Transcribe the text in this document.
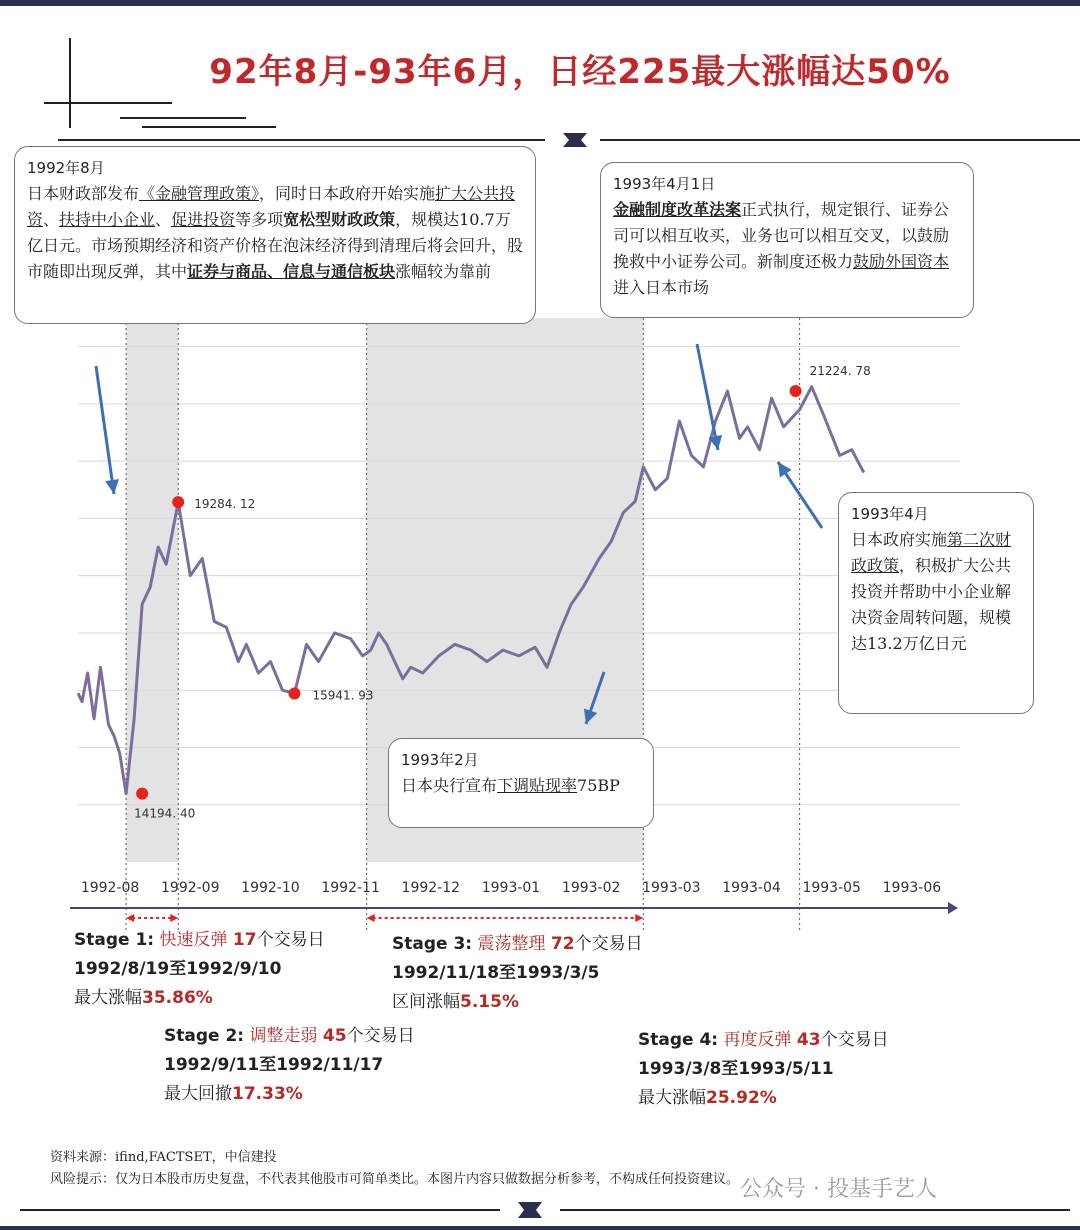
92年8月-93年6月，日经225最大涨幅达50%
1992-08 1992-09 1992-10 1992-11 1992-12 1993-01 1993-02 1993-03 1993-04 1993-05 1993-06
14194. 40
19284. 12
15941. 93
21224. 78
1992年8月
日本财政部发布《金融管理政策》，同时日本政府开始实施扩大公共投资、扶持中小企业、促进投资等多项宽松型财政政策，规模达10.7万亿日元。市场预期经济和资产价格在泡沫经济得到清理后将会回升，股市随即出现反弹，其中证券与商品、信息与通信板块涨幅较为靠前
1993年4月1日
金融制度改革法案正式执行，规定银行、证券公司可以相互收买，业务也可以相互交叉，以鼓励挽救中小证券公司。新制度还极力鼓励外国资本进入日本市场
1993年2月
日本央行宣布下调贴现率75BP
1993年4月
日本政府实施第二次财政政策，积极扩大公共投资并帮助中小企业解决资金周转问题，规模达13.2万亿日元
Stage 1: 快速反弹 17个交易日
1992/8/19至1992/9/10
最大涨幅35.86%
Stage 2: 调整走弱 45个交易日
1992/9/11至1992/11/17
最大回撤17.33%
Stage 3: 震荡整理 72个交易日
1992/11/18至1993/3/5
区间涨幅5.15%
Stage 4: 再度反弹 43个交易日
1993/3/8至1993/5/11
最大涨幅25.92%
资料来源：ifind,FACTSET，中信建投
风险提示：仅为日本股市历史复盘，不代表其他股市可简单类比。本图片内容只做数据分析参考，不构成任何投资建议。 公众号 · 投基手艺人
